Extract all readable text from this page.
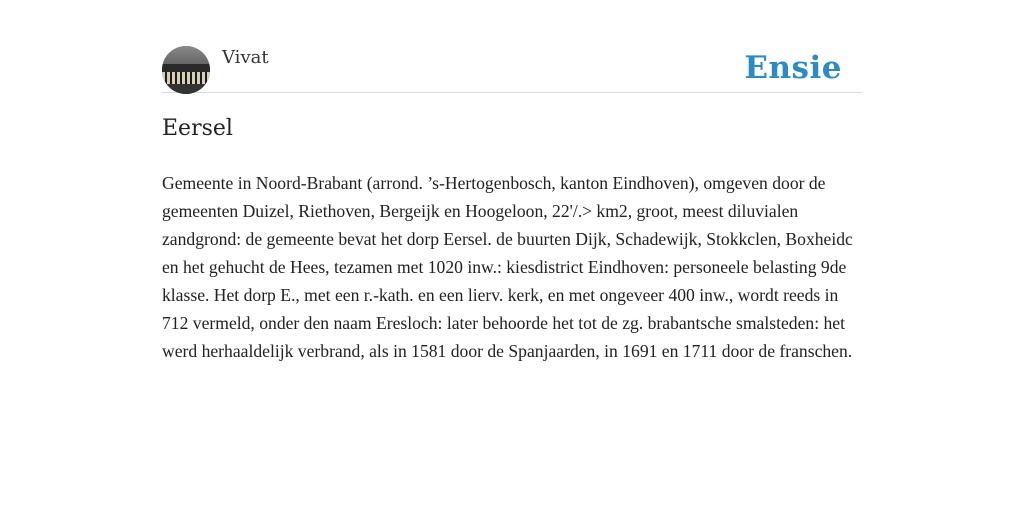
Vivat	Ensie
Eersel

Gemeente in Noord-Brabant (arrond. ’s-Hertogenbosch, kanton Eindhoven), omgeven door de gemeenten Duizel, Riethoven, Bergeijk en Hoogeloon, 22'/.> km2, groot, meest diluvialen zandgrond: de gemeente bevat het dorp Eersel. de buurten Dijk, Schadewijk, Stokkclen, Boxheidc en het gehucht de Hees, tezamen met 1020 inw.: kiesdistrict Eindhoven: personeele belasting 9de klasse. Het dorp E., met een r.-kath. en een lierv. kerk, en met ongeveer 400 inw., wordt reeds in 712 vermeld, onder den naam Eresloch: later behoorde het tot de zg. brabantsche smalsteden: het werd herhaaldelijk verbrand, als in 1581 door de Spanjaarden, in 1691 en 1711 door de franschen.
